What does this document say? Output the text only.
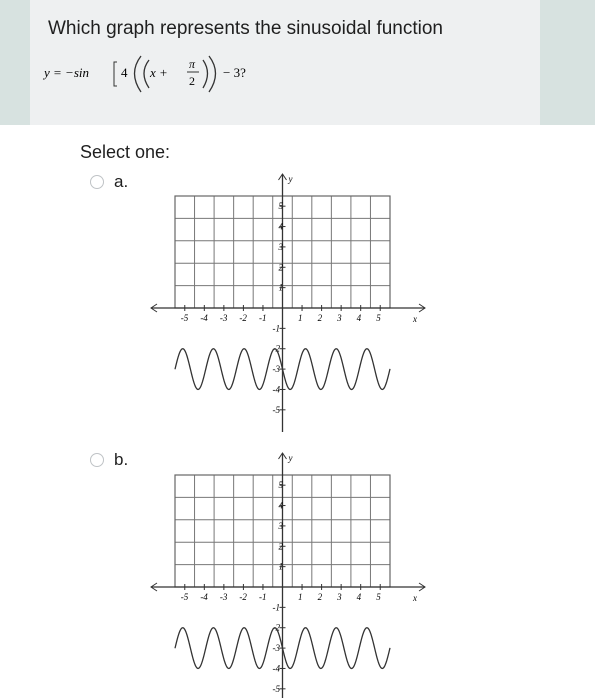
Which graph represents the sinusoidal function
y = −sin 4 x +
π
2
− 3?
Select one:
a.
b.
x
y
-5 -4 -3 -2 -1	1 2 3 4 5
5
4
3
2
1
-1
-2
-3
-4
-5
x
y
-5 -4 -3 -2 -1	1 2 3 4 5
5
4
3
2
1
-1
-2
-3
-4
-5
